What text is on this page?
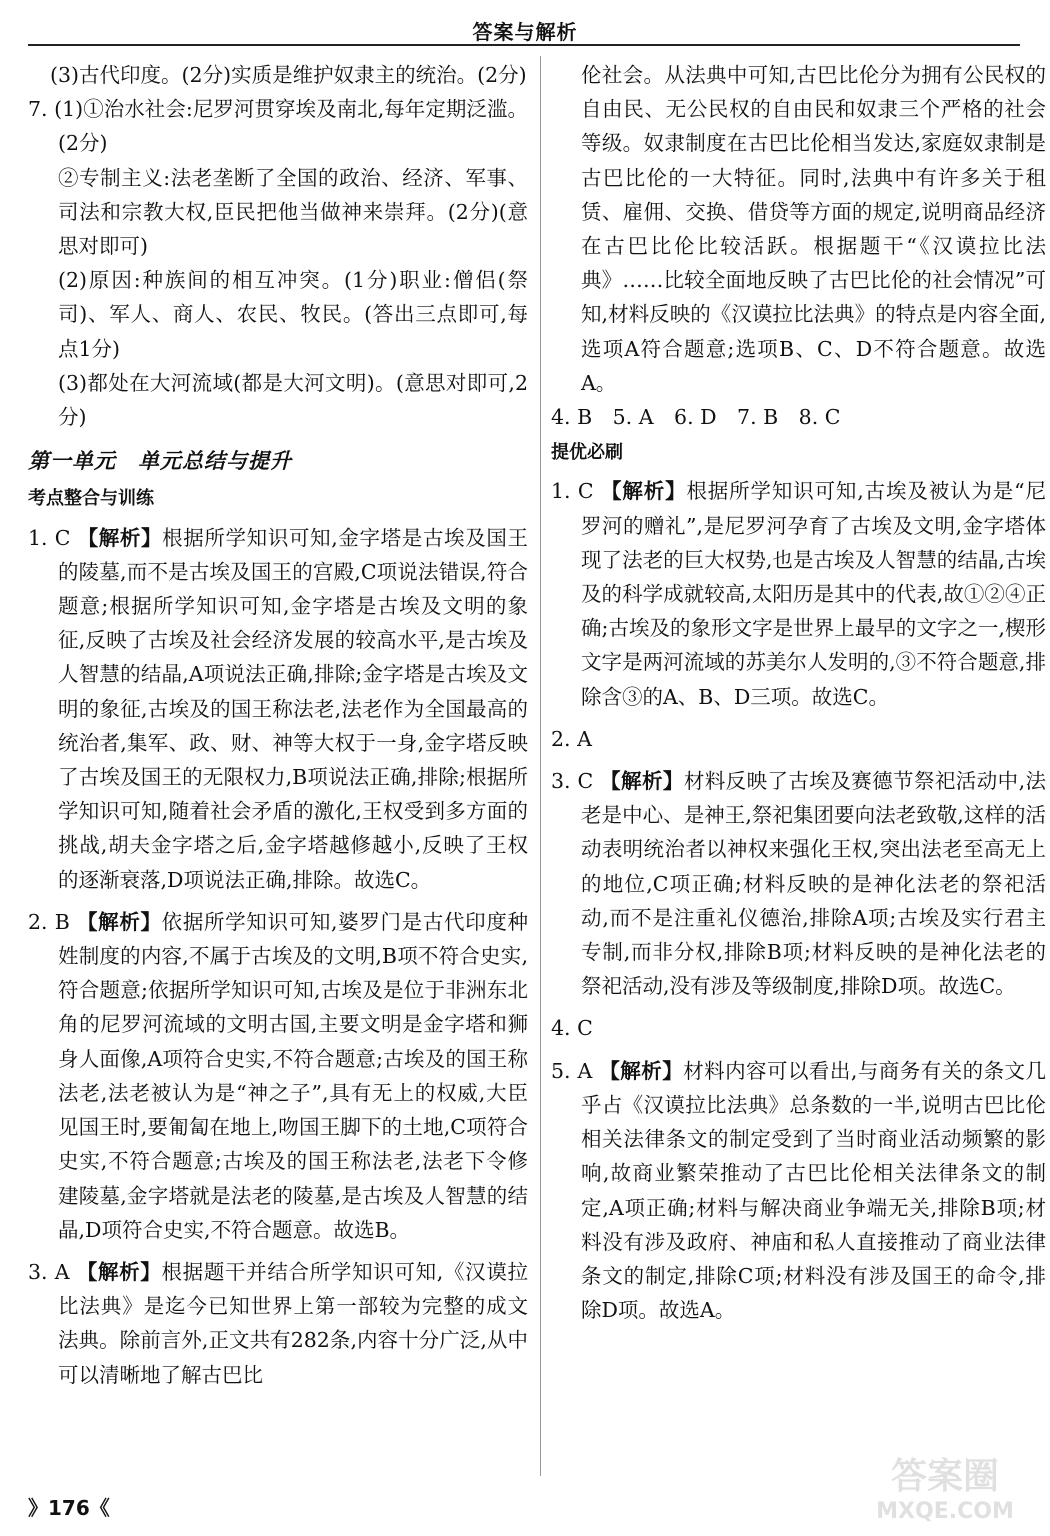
答案与解析

(3)古代印度。(2分)实质是维护奴隶主的统治。(2分)

7. (1)①治水社会:尼罗河贯穿埃及南北,每年定期泛滥。(2分)

②专制主义:法老垄断了全国的政治、经济、军事、司法和宗教大权,臣民把他当做神来崇拜。(2分)(意思对即可)

(2)原因:种族间的相互冲突。(1分)职业:僧侣(祭司)、军人、商人、农民、牧民。(答出三点即可,每点1分)

(3)都处在大河流域(都是大河文明)。(意思对即可,2分)

第一单元　单元总结与提升
考点整合与训练

1. C 【解析】根据所学知识可知,金字塔是古埃及国王的陵墓,而不是古埃及国王的宫殿,C项说法错误,符合题意;根据所学知识可知,金字塔是古埃及文明的象征,反映了古埃及社会经济发展的较高水平,是古埃及人智慧的结晶,A项说法正确,排除;金字塔是古埃及文明的象征,古埃及的国王称法老,法老作为全国最高的统治者,集军、政、财、神等大权于一身,金字塔反映了古埃及国王的无限权力,B项说法正确,排除;根据所学知识可知,随着社会矛盾的激化,王权受到多方面的挑战,胡夫金字塔之后,金字塔越修越小,反映了王权的逐渐衰落,D项说法正确,排除。故选C。

2. B 【解析】依据所学知识可知,婆罗门是古代印度种姓制度的内容,不属于古埃及的文明,B项不符合史实,符合题意;依据所学知识可知,古埃及是位于非洲东北角的尼罗河流域的文明古国,主要文明是金字塔和狮身人面像,A项符合史实,不符合题意;古埃及的国王称法老,法老被认为是“神之子”,具有无上的权威,大臣见国王时,要匍匐在地上,吻国王脚下的土地,C项符合史实,不符合题意;古埃及的国王称法老,法老下令修建陵墓,金字塔就是法老的陵墓,是古埃及人智慧的结晶,D项符合史实,不符合题意。故选B。

3. A 【解析】根据题干并结合所学知识可知,《汉谟拉比法典》是迄今已知世界上第一部较为完整的成文法典。除前言外,正文共有282条,内容十分广泛,从中可以清晰地了解古巴比

伦社会。从法典中可知,古巴比伦分为拥有公民权的自由民、无公民权的自由民和奴隶三个严格的社会等级。奴隶制度在古巴比伦相当发达,家庭奴隶制是古巴比伦的一大特征。同时,法典中有许多关于租赁、雇佣、交换、借贷等方面的规定,说明商品经济在古巴比伦比较活跃。根据题干“《汉谟拉比法典》……比较全面地反映了古巴比伦的社会情况”可知,材料反映的《汉谟拉比法典》的特点是内容全面,选项A符合题意;选项B、C、D不符合题意。故选A。

4. B　5. A　6. D　7. B　8. C

提优必刷

1. C 【解析】根据所学知识可知,古埃及被认为是“尼罗河的赠礼”,是尼罗河孕育了古埃及文明,金字塔体现了法老的巨大权势,也是古埃及人智慧的结晶,古埃及的科学成就较高,太阳历是其中的代表,故①②④正确;古埃及的象形文字是世界上最早的文字之一,楔形文字是两河流域的苏美尔人发明的,③不符合题意,排除含③的A、B、D三项。故选C。

2. A

3. C 【解析】材料反映了古埃及赛德节祭祀活动中,法老是中心、是神王,祭祀集团要向法老致敬,这样的活动表明统治者以神权来强化王权,突出法老至高无上的地位,C项正确;材料反映的是神化法老的祭祀活动,而不是注重礼仪德治,排除A项;古埃及实行君主专制,而非分权,排除B项;材料反映的是神化法老的祭祀活动,没有涉及等级制度,排除D项。故选C。

4. C

5. A 【解析】材料内容可以看出,与商务有关的条文几乎占《汉谟拉比法典》总条数的一半,说明古巴比伦相关法律条文的制定受到了当时商业活动频繁的影响,故商业繁荣推动了古巴比伦相关法律条文的制定,A项正确;材料与解决商业争端无关,排除B项;材料没有涉及政府、神庙和私人直接推动了商业法律条文的制定,排除C项;材料没有涉及国王的命令,排除D项。故选A。

》176《
答案圈
MXQE.COM
